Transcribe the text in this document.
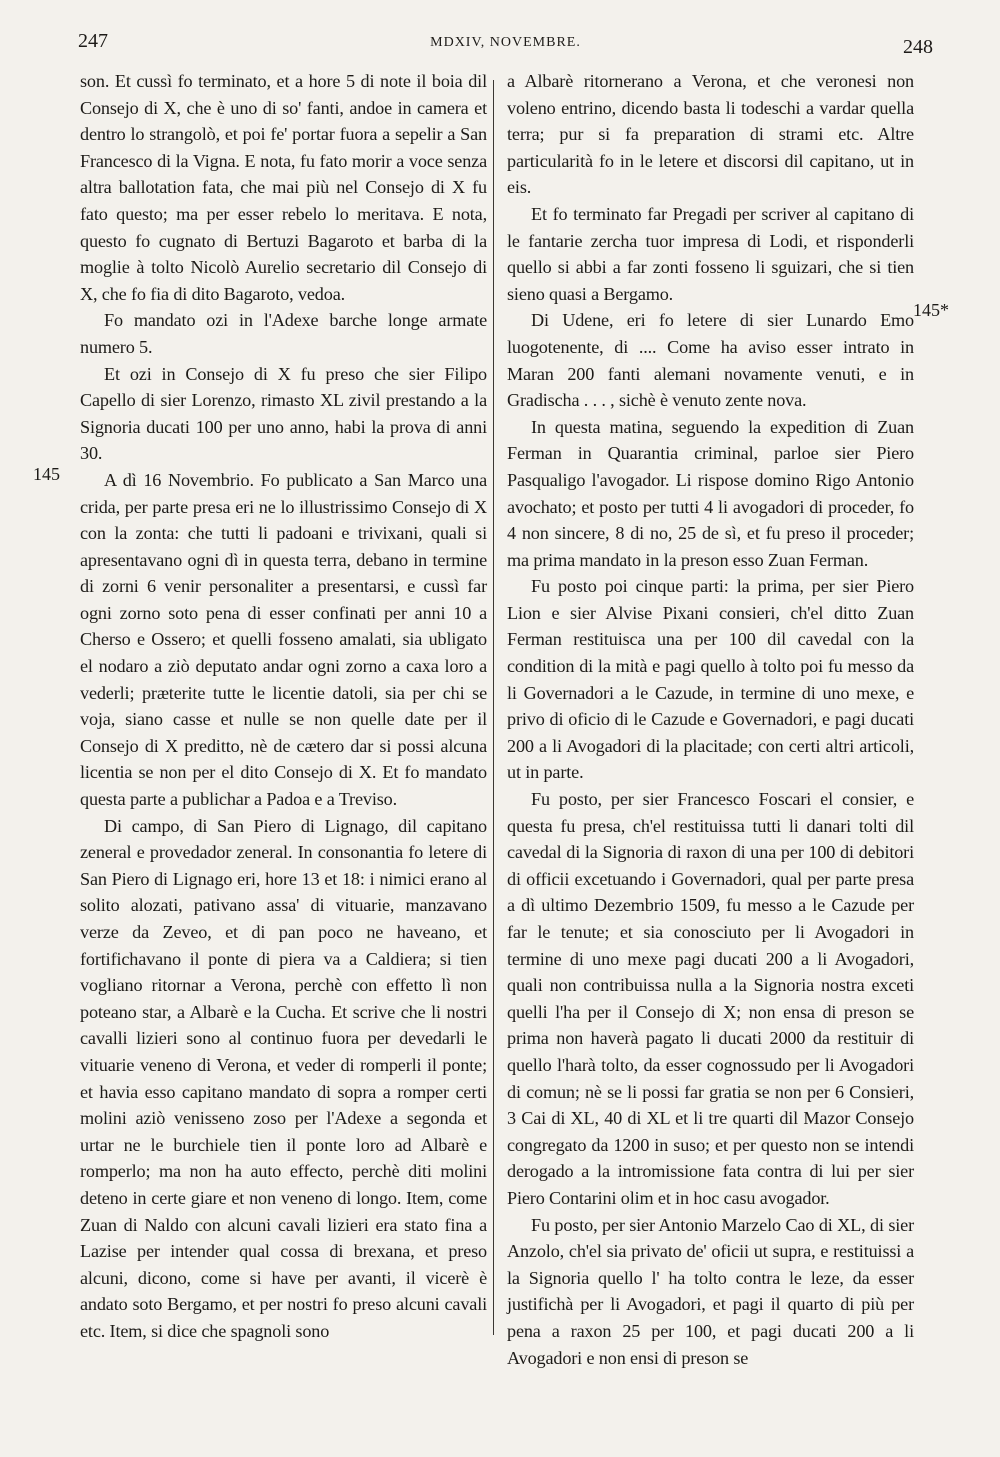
247	MDXIV, NOVEMBRE.	248
145
145*

son. Et cussì fo terminato, et a hore 5 di note il boia dil Consejo di X, che è uno di so' fanti, andoe in camera et dentro lo strangolò, et poi fe' portar fuora a sepelir a San Francesco di la Vigna. E nota, fu fato morir a voce senza altra ballotation fata, che mai più nel Consejo di X fu fato questo; ma per esser rebelo lo meritava. E nota, questo fo cugnato di Bertuzi Bagaroto et barba di la moglie à tolto Nicolò Aurelio secretario dil Consejo di X, che fo fia di dito Bagaroto, vedoa.

Fo mandato ozi in l'Adexe barche longe armate numero 5.

Et ozi in Consejo di X fu preso che sier Filipo Capello di sier Lorenzo, rimasto XL zivil prestando a la Signoria ducati 100 per uno anno, habi la prova di anni 30.

A dì 16 Novembrio. Fo publicato a San Marco una crida, per parte presa eri ne lo illustrissimo Consejo di X con la zonta: che tutti li padoani e trivixani, quali si apresentavano ogni dì in questa terra, debano in termine di zorni 6 venir personaliter a presentarsi, e cussì far ogni zorno soto pena di esser confinati per anni 10 a Cherso e Ossero; et quelli fosseno amalati, sia ubligato el nodaro a ziò deputato andar ogni zorno a caxa loro a vederli; præterite tutte le licentie datoli, sia per chi se voja, siano casse et nulle se non quelle date per il Consejo di X preditto, nè de cætero dar si possi alcuna licentia se non per el dito Consejo di X. Et fo mandato questa parte a publichar a Padoa e a Treviso.

Di campo, di San Piero di Lignago, dil capitano zeneral e provedador zeneral. In consonantia fo letere di San Piero di Lignago eri, hore 13 et 18: i nimici erano al solito alozati, pativano assa' di vituarie, manzavano verze da Zeveo, et di pan poco ne haveano, et fortifichavano il ponte di piera va a Caldiera; si tien vogliano ritornar a Verona, perchè con effetto lì non poteano star, a Albarè e la Cucha. Et scrive che li nostri cavalli lizieri sono al continuo fuora per devedarli le vituarie veneno di Verona, et veder di romperli il ponte; et havia esso capitano mandato di sopra a romper certi molini aziò venisseno zoso per l'Adexe a segonda et urtar ne le burchiele tien il ponte loro ad Albarè e romperlo; ma non ha auto effecto, perchè diti molini deteno in certe giare et non veneno di longo. Item, come Zuan di Naldo con alcuni cavali lizieri era stato fina a Lazise per intender qual cossa di brexana, et preso alcuni, dicono, come si have per avanti, il vicerè è andato soto Bergamo, et per nostri fo preso alcuni cavali etc. Item, si dice che spagnoli sono

a Albarè ritorneranо a Verona, et che veronesi non voleno entrino, dicendo basta li todeschi a vardar quella terra; pur si fa preparation di strami etc. Altre particularità fo in le letere et discorsi dil capitano, ut in eis.

Et fo terminato far Pregadi per scriver al capitano di le fantarie zercha tuor impresa di Lodi, et risponderli quello si abbi a far zonti fosseno li sguizari, che si tien sieno quasi a Bergamo.

Di Udene, eri fo letere di sier Lunardo Emo luogotenente, di .... Come ha aviso esser intrato in Maran 200 fanti alemani novamente venuti, e in Gradischa . . . , sichè è venuto zente nova.

In questa matina, seguendo la expedition di Zuan Ferman in Quarantia criminal, parloe sier Piero Pasqualigo l'avogador. Li rispose domino Rigo Antonio avochato; et posto per tutti 4 li avogadori di proceder, fo 4 non sincere, 8 di no, 25 de sì, et fu preso il proceder; ma prima mandato in la preson esso Zuan Ferman.

Fu posto poi cinque parti: la prima, per sier Piero Lion e sier Alvise Pixani consieri, ch'el ditto Zuan Ferman restituisca una per 100 dil cavedal con la condition di la mità e pagi quello à tolto poi fu messo da li Governadori a le Cazude, in termine di uno mexe, e privo di oficio di le Cazude e Governadori, e pagi ducati 200 a li Avogadori di la placitade; con certi altri articoli, ut in parte.

Fu posto, per sier Francesco Foscari el consier, e questa fu presa, ch'el restituissa tutti li danari tolti dil cavedal di la Signoria di raxon di una per 100 di debitori di officii excetuando i Governadori, qual per parte presa a dì ultimo Dezembrio 1509, fu messo a le Cazude per far le tenute; et sia conosciuto per li Avogadori in termine di uno mexe pagi ducati 200 a li Avogadori, quali non contribuissa nulla a la Signoria nostra exceti quelli l'ha per il Consejo di X; non ensa di preson se prima non haverà pagato li ducati 2000 da restituir di quello l'harà tolto, da esser cognossudo per li Avogadori di comun; nè se li possi far gratia se non per 6 Consieri, 3 Cai di XL, 40 di XL et li tre quarti dil Mazor Consejo congregato da 1200 in suso; et per questo non se intendi derogado a la intromissione fata contra di lui per sier Piero Contarini olim et in hoc casu avogador.

Fu posto, per sier Antonio Marzelo Cao di XL, di sier Anzolo, ch'el sia privato de' oficii ut supra, e restituissi a la Signoria quello l' ha tolto contra le leze, da esser justifichà per li Avogadori, et pagi il quarto di più per pena a raxon 25 per 100, et pagi ducati 200 a li Avogadori e non ensi di preson se
